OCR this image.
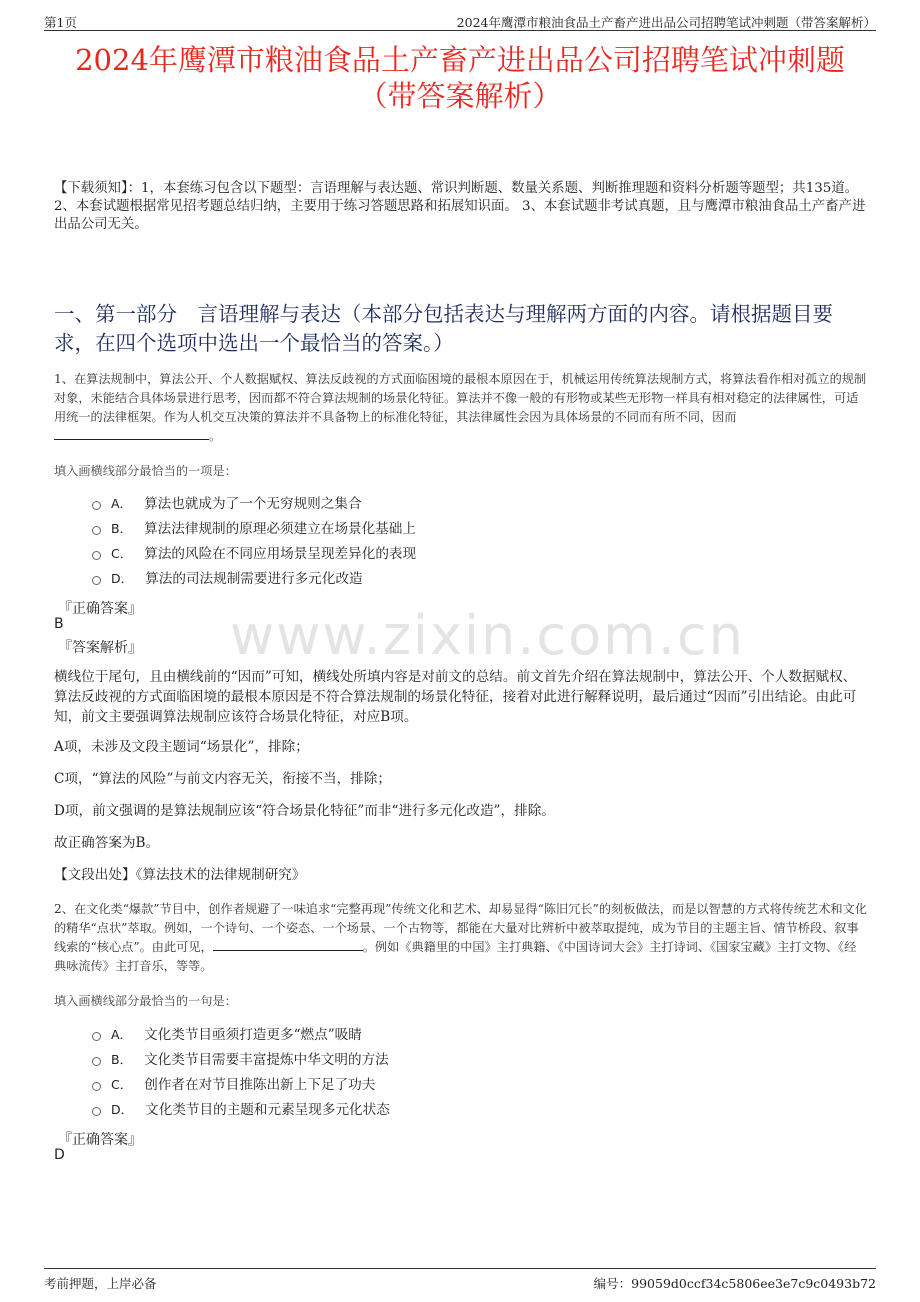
第1页	2024年鹰潭市粮油食品土产畜产进出品公司招聘笔试冲刺题（带答案解析）
2024年鹰潭市粮油食品土产畜产进出品公司招聘笔试冲刺题
（带答案解析）
【下载须知】：1，本套练习包含以下题型：言语理解与表达题、常识判断题、数量关系题、判断推理题和资料分析题等题型；共135道。 2、本套试题根据常见招考题总结归纳，主要用于练习答题思路和拓展知识面。 3、本套试题非考试真题，且与鹰潭市粮油食品土产畜产进出品公司无关。
一、第一部分　言语理解与表达（本部分包括表达与理解两方面的内容。请根据题目要求，在四个选项中选出一个最恰当的答案。）
www.zixin.com.cn
1、在算法规制中，算法公开、个人数据赋权、算法反歧视的方式面临困境的最根本原因在于，机械运用传统算法规制方式，将算法看作相对孤立的规制对象，未能结合具体场景进行思考，因而都不符合算法规制的场景化特征。算法并不像一般的有形物或某些无形物一样具有相对稳定的法律属性，可适用统一的法律框架。作为人机交互决策的算法并不具备物上的标准化特征，其法律属性会因为具体场景的不同而有所不同，因而。
填入画横线部分最恰当的一项是：
A． 算法也就成为了一个无穷规则之集合
B． 算法法律规制的原理必须建立在场景化基础上
C． 算法的风险在不同应用场景呈现差异化的表现
D． 算法的司法规制需要进行多元化改造
『正确答案』
B
『答案解析』
横线位于尾句，且由横线前的“因而”可知，横线处所填内容是对前文的总结。前文首先介绍在算法规制中，算法公开、个人数据赋权、算法反歧视的方式面临困境的最根本原因是不符合算法规制的场景化特征，接着对此进行解释说明，最后通过“因而”引出结论。由此可知，前文主要强调算法规制应该符合场景化特征，对应B项。
A项，未涉及文段主题词“场景化”，排除；
C项，“算法的风险”与前文内容无关，衔接不当，排除；
D项，前文强调的是算法规制应该“符合场景化特征”而非“进行多元化改造”，排除。
故正确答案为B。
【文段出处】《算法技术的法律规制研究》
2、在文化类“爆款”节目中，创作者规避了一味追求“完整再现”传统文化和艺术、却易显得“陈旧冗长”的刻板做法，而是以智慧的方式将传统艺术和文化的精华“点状”萃取。例如，一个诗句、一个姿态、一个场景、一个古物等，都能在大量对比辨析中被萃取提纯，成为节目的主题主旨、情节桥段、叙事线索的“核心点”。由此可见，	。例如《典籍里的中国》主打典籍、《中国诗词大会》主打诗词、《国家宝藏》主打文物、《经典咏流传》主打音乐，等等。
填入画横线部分最恰当的一句是：
A． 文化类节目亟须打造更多“燃点”吸睛
B． 文化类节目需要丰富提炼中华文明的方法
C． 创作者在对节目推陈出新上下足了功夫
D． 文化类节目的主题和元素呈现多元化状态
『正确答案』
D
考前押题，上岸必备	编号：99059d0ccf34c5806ee3e7c9c0493b72
